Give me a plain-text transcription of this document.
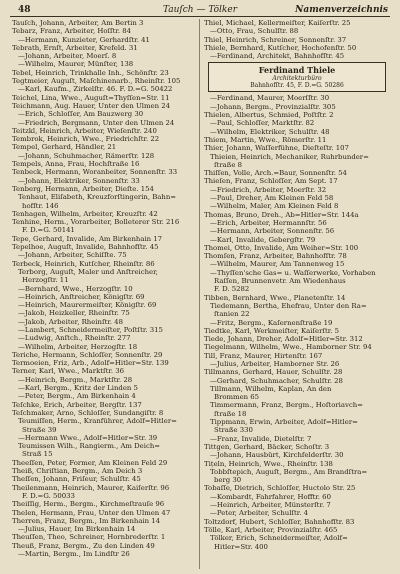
48	Tauſch — Tölker	Namenverzeichnis
Tauſch, Johann, Arbeiter, Am Bertin 3
Tebarz, Franz, Arbeiter, Hoſſtr. 84
—Hermann, Kunzieter, Gerhardſtr. 41
Tebrath, Ernſt, Arbeiter, Krefeld. 31
—Johann, Arbeiter, Moerſ. 8
—Wilhelm, Maurer, Münſter, 138
Tebel, Heinrich, Trinkhalle Inh., Schönſtr. 23
Tegtmeier, Auguſt, Maſchinenarb., Rheinſtr. 105
—Karl, Kaufm., Zirkelſtr. 46. F. D.=G. 50422
Teichel, Lina, Wwe., Auguſt=Thyſſen=Str. 11
Teichmann, Aug. Hauer, Unter den Ulmen 24
—Erich, Schloſſer, Am Bauzwerg 30
—Friedrich, Bergmann, Unter den Ulmen 24
Teitzkl, Heinrich, Arbeiter, Wieſenſtr. 240
Tembrok, Heinrich, Wwe., Friedrichſtr. 22
Tempel, Gerhard, Händler, 21
—Johann, Schuhmacher, Rämerſtr. 128
Tempels, Anna, Frau, Hochſtraße 16
Tenbeck, Hermann, Woranbeiter, Sonnenſtr. 33
—Johann, Elektriker, Sonnenſtr. 33
Tenberg, Hermann, Arbeiter, Dieſte. 154
Tenhaut, Eliſabeth, Kreuzforſtingerin, Bahn=
hofſtr. 146
Tenhagen, Wilhelm, Arbeiter, Kreuzſtr. 42
Tenhine, Herm., Vorarbeiter, Bolleterer Str. 216
F. D.=G. 50141
Tepe, Gerhard, Invalide, Am Birkenhain 17
Tepelhoe, Auguſt, Invalide, Bahnhofſtr. 45
—Johann, Arbeiter, Schiſſte. 75
Terbeck, Heinrich, Kutſcher, Rheinſtr. 86
Terborg, Auguſt, Maler und Anſtreicher,
Herzogſtr. 11
—Bernhard, Wwe., Herzogſtr. 10
—Heinrich, Anſtreicher, Königſtr. 69
—Heinrich, Maurermeiſter, Königſtr. 69
—Jakob, Heizkeller, Rheinſtr. 75
—Jakob, Arbeiter, Rheinſtr. 48
—Lambert, Schneidermeiſter, Poſtſtr. 315
—Ludwig, Anſtch., Rheinſtr. 277
—Wilhelm, Arbeiter, Herzogſtr. 18
Teriche, Hermann, Schloſſer, Sonnenſtr. 29
Termoeien, Friz, Arb., Adolf=Hitler=Str. 139
Terner, Karl, Wwe., Marktſtr. 36
—Heinrich, Bergm., Marktſtr. 28
—Karl, Bergm., Kritz der Linden 5
—Peter, Bergm., Am Birkenhain 4
Teſchke, Erich, Arbeiter, Bergſtr. 137
Teſchmaker, Arno, Schloſſer, Sundangiſtr. 8
Teumiſſen, Herm., Kranführer, Adolf=Hitler=
Straße 39
—Hermann Wwe., Adolf=Hitler=Str. 39
Teumissen Wilh., Rangierm., Am Deich=
Straß 15
Theeſſen, Peter, Former, Am Kleinen Feld 29
Theiß, Chriſtian, Bergm., Am Deich 3
Theſſen, Johann, Friſeur, Schulſtr. 45
Theilenmann, Heinrich, Maurer, Kaiſerſtr. 96
F. D.=G. 50033
Theiſſig, Herm., Bergm., Kirchmeſtrauſe 96
Thelen, Hermann, Frau, Unter den Ulmen 47
Therren, Franz, Bergm., Im Birkenhain 14
—Julius, Hauer, Im Birkenhain 14
Theuſſen, Theo, Schreiner, Hornbrederſtr. 1
Theuß, Franz, Bergm., Zu den Linden 49
—Martin, Bergm., Im Lindſtr 26
Thiel, Michael, Kellermeiſter, Kaiſerſtr. 25
—Otto, Frau, Schulſtr. 88
Thiel, Heinrich, Schreiner, Sonnenſtr. 37
Thiele, Bernhard, Kutſcher, Hochofenſtr. 50
—Ferdinand, Architekt, Bahnhofſtr. 45
Ferdinand Thiele
Architekturbüro
Bahnhofſtr. 45, F. D.=G. 50286
—Ferdinand, Maurer, Moerſſtr. 30
—Johann, Bergm., Provinzialſtr. 305
Thielen, Albertus, Schmied, Poſtſtr. 2
—Paul, Schloſſer, Marktſtr. 82
—Wilhelm, Elektriker, Schulſtr. 48
Thiem, Martin, Wwe., Römerſtr. 11
Thier, Johann, Waſſerfühne, Dieſteſtr. 107
Thieien, Heinrich, Mechaniker, Ruhrbunder=
ſtraße 8
Thiſſen, Volle, Arch.=Baur, Sonnenſtr. 54
Thieſen, Franz, Schloſſer, Am Sept. 17
—Friedrich, Arbeiter, Moerſtr. 32
—Paul, Dreher, Am Kleinen Feld 58
—Wilhelm, Maler, Am Kleinen Feld 8
Thomas, Bruno, Dreh., Ab=Hitler=Str. 144a
—Erich, Arbeiter, Hermannſtr. 56
—Hermann, Arbeiter, Sonnenſtr. 56
—Karl, Invalide, Gebergſtr. 79
Thomei, Otto, Invalide, Am Weiher=Str. 100
Thomſen, Franz, Arbeiter, Bahnhofſtr. 78
—Wilhelm, Maurer, Am Tannenweg 15
—Thyſſen'sche Gas= u. Waſſerwerke, Vorhaben
Raſſen, Brunnenvetr. Am Wiedenhaus
F. D. 5282
Tibben, Bernhard, Wwe., Planetenſtr. 14
Tiedemann, Bertha, Ehefrau, Unter den Ra=
ſtanien 22
—Fritz, Bergm., Kaſernenſtraße 19
Tiedtke, Karl, Werkmeiſter, Kaiſerſtr. 5
Tiede, Johann, Dreher, Adolf=Hitler=Str. 312
Tiegelmann, Wilhelm, Wwe., Hamborner Str. 94
Till, Franz, Maurer, Hirtenſtr. 167
—Julius, Arbeiter, Hamborner Str. 26
Tillmanns, Gerhard, Hauer, Schulſtr. 28
—Gerhard, Schuhmacher, Schulſtr. 28
Tillmann, Wilhelm, Kaplan, An den
Brommen 65
Timmermann, Franz, Bergm., Hoſtoriavch=
ſtraße 18
Tippmann, Erwin, Arbeiter, Adolf=Hitler=
Straße 330
—Franz, Invalide, Dietelſtr. 7
Tittgen, Gerhard, Bäcker, Schoſtr. 3
—Johann, Hausbürt, Kirchfelderſtr. 30
Tițeln, Heinrich, Wwe., Rheinſtr. 138
Tobbſtepich, Auguſt, Bergm., Am Brandſtra=
berg 30
Tobaſſe, Dietrich, Schloſſer, Huctolo Str. 25
—Kombardt, Fahrfahrer, Hofftr. 60
—Heinrich, Arbeiter, Münsterſtr. 7
—Peter, Arbeiter, Schulſtr. 4
Toltzdorf, Hubert, Schloſſer, Bahnhofſtr. 83
Tölle, Karl, Arbeiter, Provinzialſtr. 465
Tölker, Erich, Schneidermeiſter, Adolf=
Hitler=Str. 400
